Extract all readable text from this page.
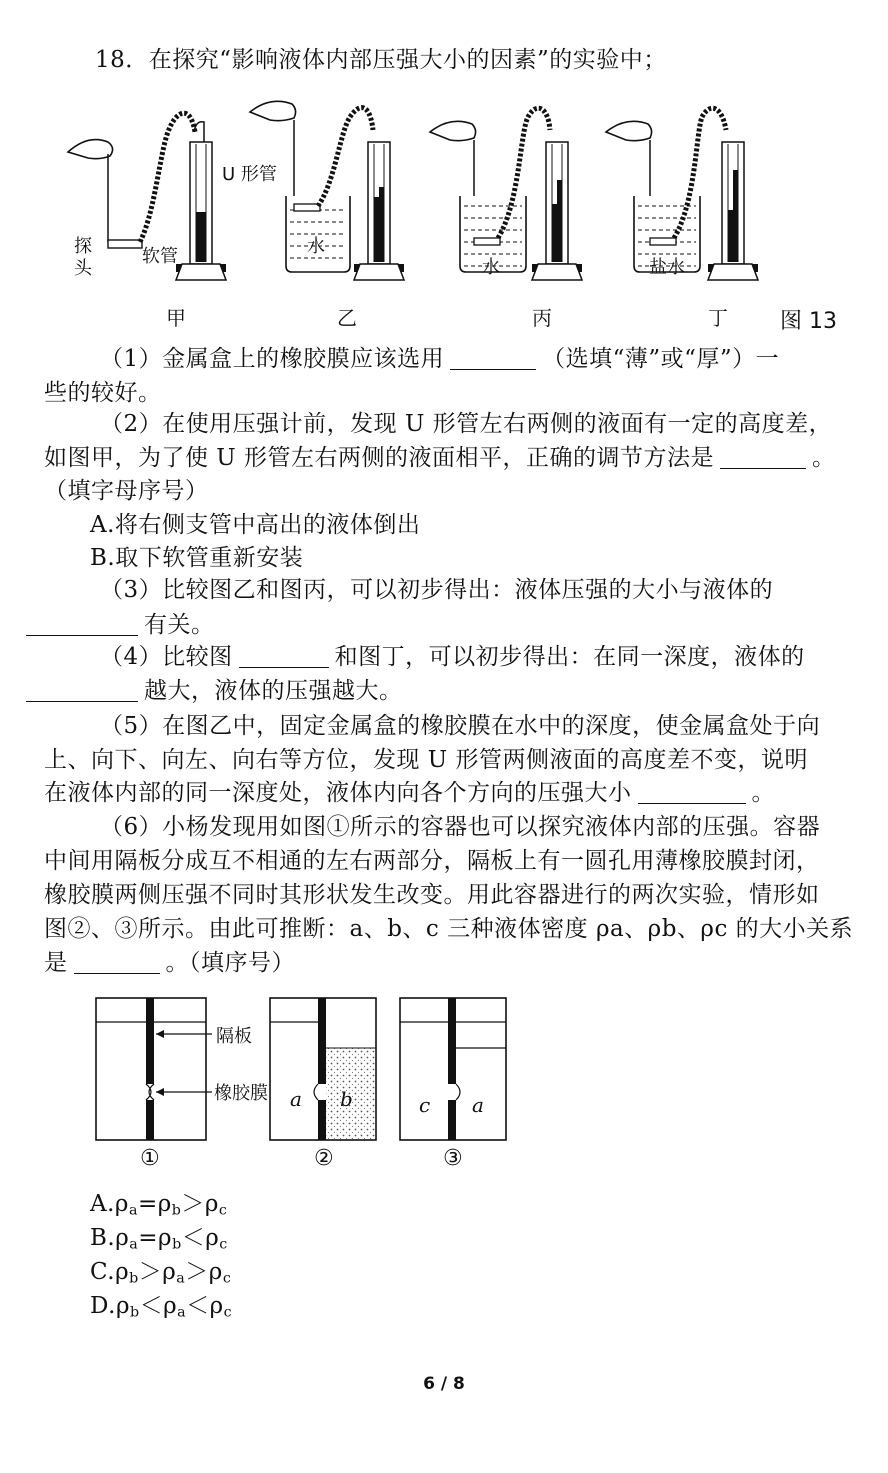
18．在探究“影响液体内部压强大小的因素”的实验中；
U 形管
探
头
软管	水
水	盐水
甲	乙	丙	丁 图 13
（1）金属盒上的橡胶膜应该选用	（选填“薄”或“厚”）一
些的较好。
（2）在使用压强计前，发现 U 形管左右两侧的液面有一定的高度差，
如图甲，为了使 U 形管左右两侧的液面相平，正确的调节方法是	。
（填字母序号）
A.将右侧支管中高出的液体倒出
B.取下软管重新安装
（3）比较图乙和图丙，可以初步得出：液体压强的大小与液体的
有关。
（4）比较图	和图丁，可以初步得出：在同一深度，液体的
越大，液体的压强越大。
（5）在图乙中，固定金属盒的橡胶膜在水中的深度，使金属盒处于向
上、向下、向左、向右等方位，发现 U 形管两侧液面的高度差不变，说明
在液体内部的同一深度处，液体内向各个方向的压强大小	。
（6）小杨发现用如图①所示的容器也可以探究液体内部的压强。容器
中间用隔板分成互不相通的左右两部分，隔板上有一圆孔用薄橡胶膜封闭，
橡胶膜两侧压强不同时其形状发生改变。用此容器进行的两次实验，情形如
图②、③所示。由此可推断：a、b、c 三种液体密度 ρa、ρb、ρc 的大小关系
是	。（填序号）
隔板
橡胶膜 a b	c a
①	②	③
$A.\rho_a=\rho_b>\rho_c$
$B.\rho_a=\rho_b<\rho_c$
$C.\rho_b>\rho_a>\rho_c$
$D.\rho_b<\rho_a<\rho_c$
6 / 8
